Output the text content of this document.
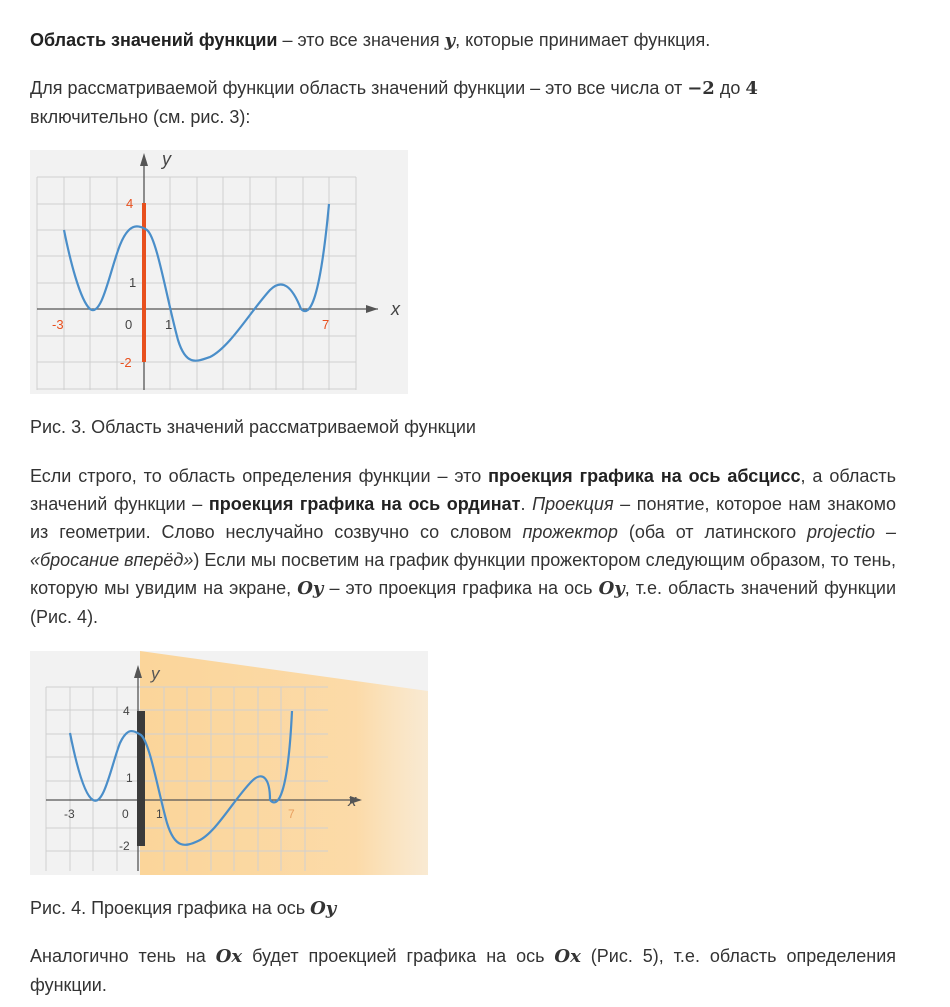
Область значений функции – это все значения y, которые принимает функция.

Для рассматриваемой функции область значений функции – это все числа от −2 до 4
включительно (см. рис. 3):

y
x
4
1
-2
-3	0	1	7

Рис. 3. Область значений рассматриваемой функции

Если строго, то область определения функции – это проекция графика на ось абсцисс, а область значений функции – проекция графика на ось ординат. Проекция – понятие, которое нам знакомо из геометрии. Слово неслучайно созвучно со словом прожектор (оба от латинского projectio – «бросание вперёд») Если мы посветим на график функции прожектором следующим образом, то тень, которую мы увидим на экране, Oy – это проекция графика на ось Oy, т.е. область значений функции (Рис. 4).

y
x
4
1
-2
-3	0 1	7

Рис. 4. Проекция графика на ось Oy

Аналогично тень на Ox будет проекцией графика на ось Ox (Рис. 5), т.е. область определения функции.
